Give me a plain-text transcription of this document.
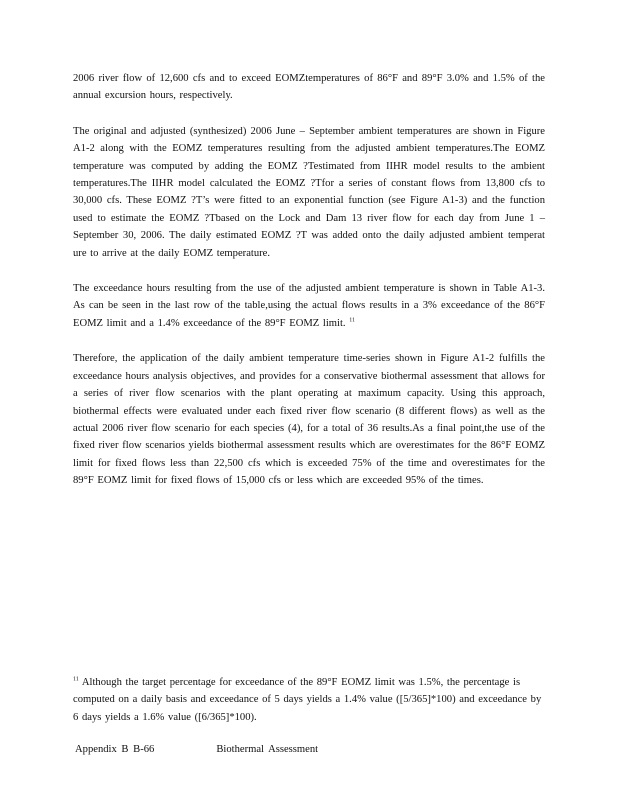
2006 river flow of 12,600 cfs and to exceed EOMZtemperatures of 86°F and 89°F 3.0% and 1.5% of the annual excursion hours, respectively.

The original and adjusted (synthesized) 2006 June – September ambient temperatures are shown in Figure A1-2 along with the EOMZ temperatures resulting from the adjusted ambient temperatures.The EOMZ temperature was computed by adding the EOMZ ?Testimated from IIHR model results to the ambient temperatures.The IIHR model calculated the EOMZ ?Tfor a series of constant flows from 13,800 cfs to 30,000 cfs. These EOMZ ?T’s were fitted to an exponential function (see Figure A1-3) and the function used to estimate the EOMZ ?Tbased on the Lock and Dam 13 river flow for each day from June 1 – September 30, 2006. The daily estimated EOMZ ?T was added onto the daily adjusted ambient temperat ure to arrive at the daily EOMZ temperature.

The exceedance hours resulting from the use of the adjusted ambient temperature is shown in Table A1-3. As can be seen in the last row of the table,using the actual flows results in a 3% exceedance of the 86°F EOMZ limit and a 1.4% exceedance of the 89°F EOMZ limit. $^{11}$

Therefore, the application of the daily ambient temperature time-series shown in Figure A1-2 fulfills the exceedance hours analysis objectives, and provides for a conservative biothermal assessment that allows for a series of river flow scenarios with the plant operating at maximum capacity. Using this approach, biothermal effects were evaluated under each fixed river flow scenario (8 different flows) as well as the actual 2006 river flow scenario for each species (4), for a total of 36 results.As a final point,the use of the fixed river flow scenarios yields biothermal assessment results which are overestimates for the 86°F EOMZ limit for fixed flows less than 22,500 cfs which is exceeded 75% of the time and overestimates for the 89°F EOMZ limit for fixed flows of 15,000 cfs or less which are exceeded 95% of the times.

$^{11}$ Although the target percentage for exceedance of the 89°F EOMZ limit was 1.5%, the percentage is computed on a daily basis and exceedance of 5 days yields a 1.4% value ([5/365]*100) and exceedance by 6 days yields a 1.6% value ([6/365]*100).
Appendix B B-66	Biothermal Assessment
